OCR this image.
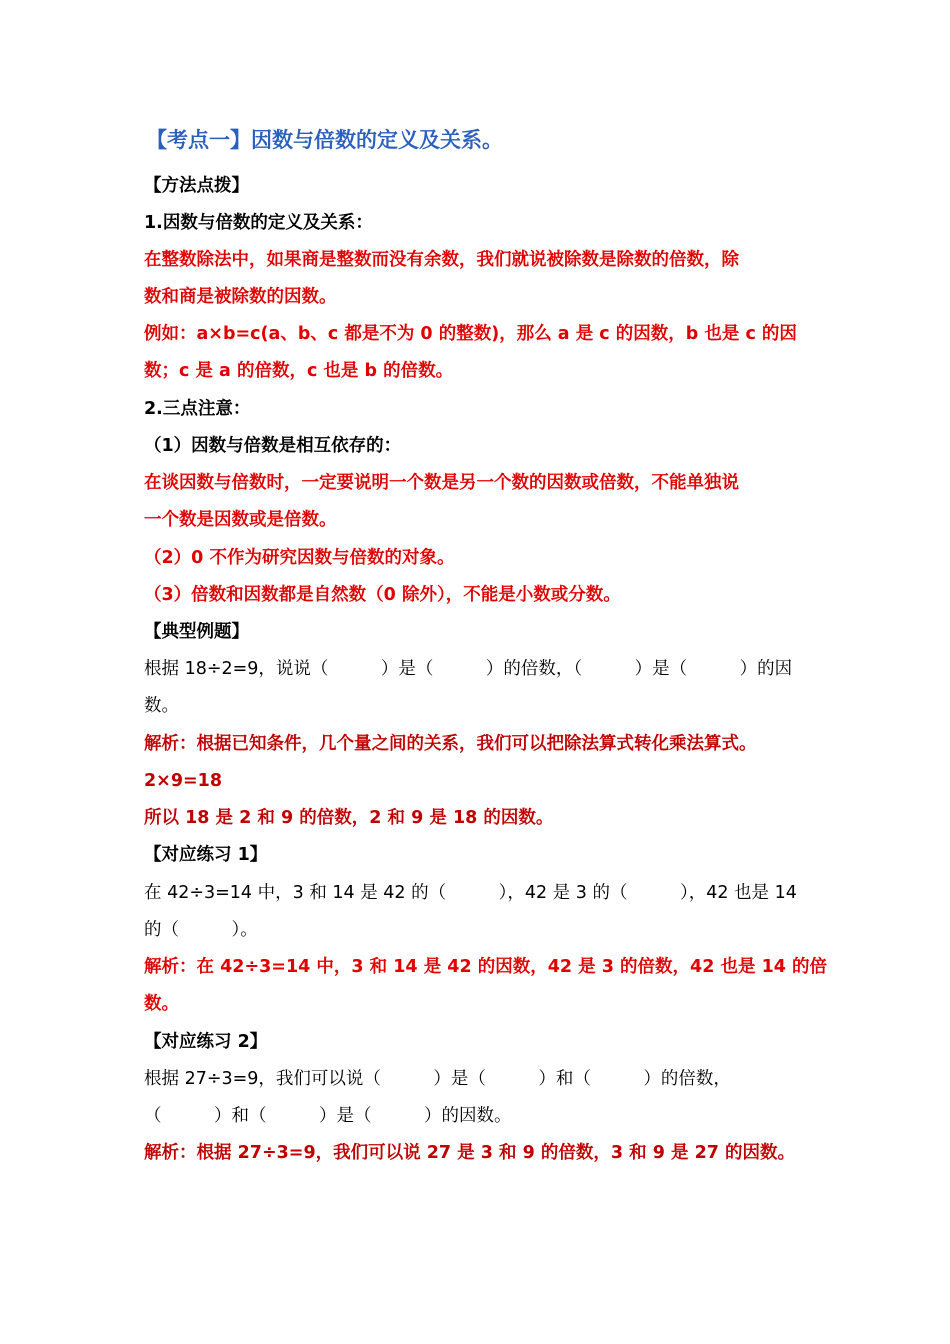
【考点一】因数与倍数的定义及关系。
【方法点拨】
1.因数与倍数的定义及关系：
在整数除法中，如果商是整数而没有余数，我们就说被除数是除数的倍数，除
数和商是被除数的因数。
例如：a×b=c(a、b、c 都是不为 0 的整数)，那么 a 是 c 的因数，b 也是 c 的因
数；c 是 a 的倍数，c 也是 b 的倍数。
2.三点注意：
（1）因数与倍数是相互依存的：
在谈因数与倍数时，一定要说明一个数是另一个数的因数或倍数，不能单独说
一个数是因数或是倍数。
（2）0 不作为研究因数与倍数的对象。
（3）倍数和因数都是自然数（0 除外），不能是小数或分数。
【典型例题】
根据 18÷2=9，说说（　　　）是（　　　）的倍数，（　　　）是（　　　）的因
数。
解析：根据已知条件，几个量之间的关系，我们可以把除法算式转化乘法算式。
2×9=18
所以 18 是 2 和 9 的倍数，2 和 9 是 18 的因数。
【对应练习 1】
在 42÷3=14 中，3 和 14 是 42 的（　　　），42 是 3 的（　　　），42 也是 14
的（　　　）。
解析：在 42÷3=14 中，3 和 14 是 42 的因数，42 是 3 的倍数，42 也是 14 的倍
数。
【对应练习 2】
根据 27÷3=9，我们可以说（　　　）是（　　　）和（　　　）的倍数，
（　　　）和（　　　）是（　　　）的因数。
解析：根据 27÷3=9，我们可以说 27 是 3 和 9 的倍数，3 和 9 是 27 的因数。
